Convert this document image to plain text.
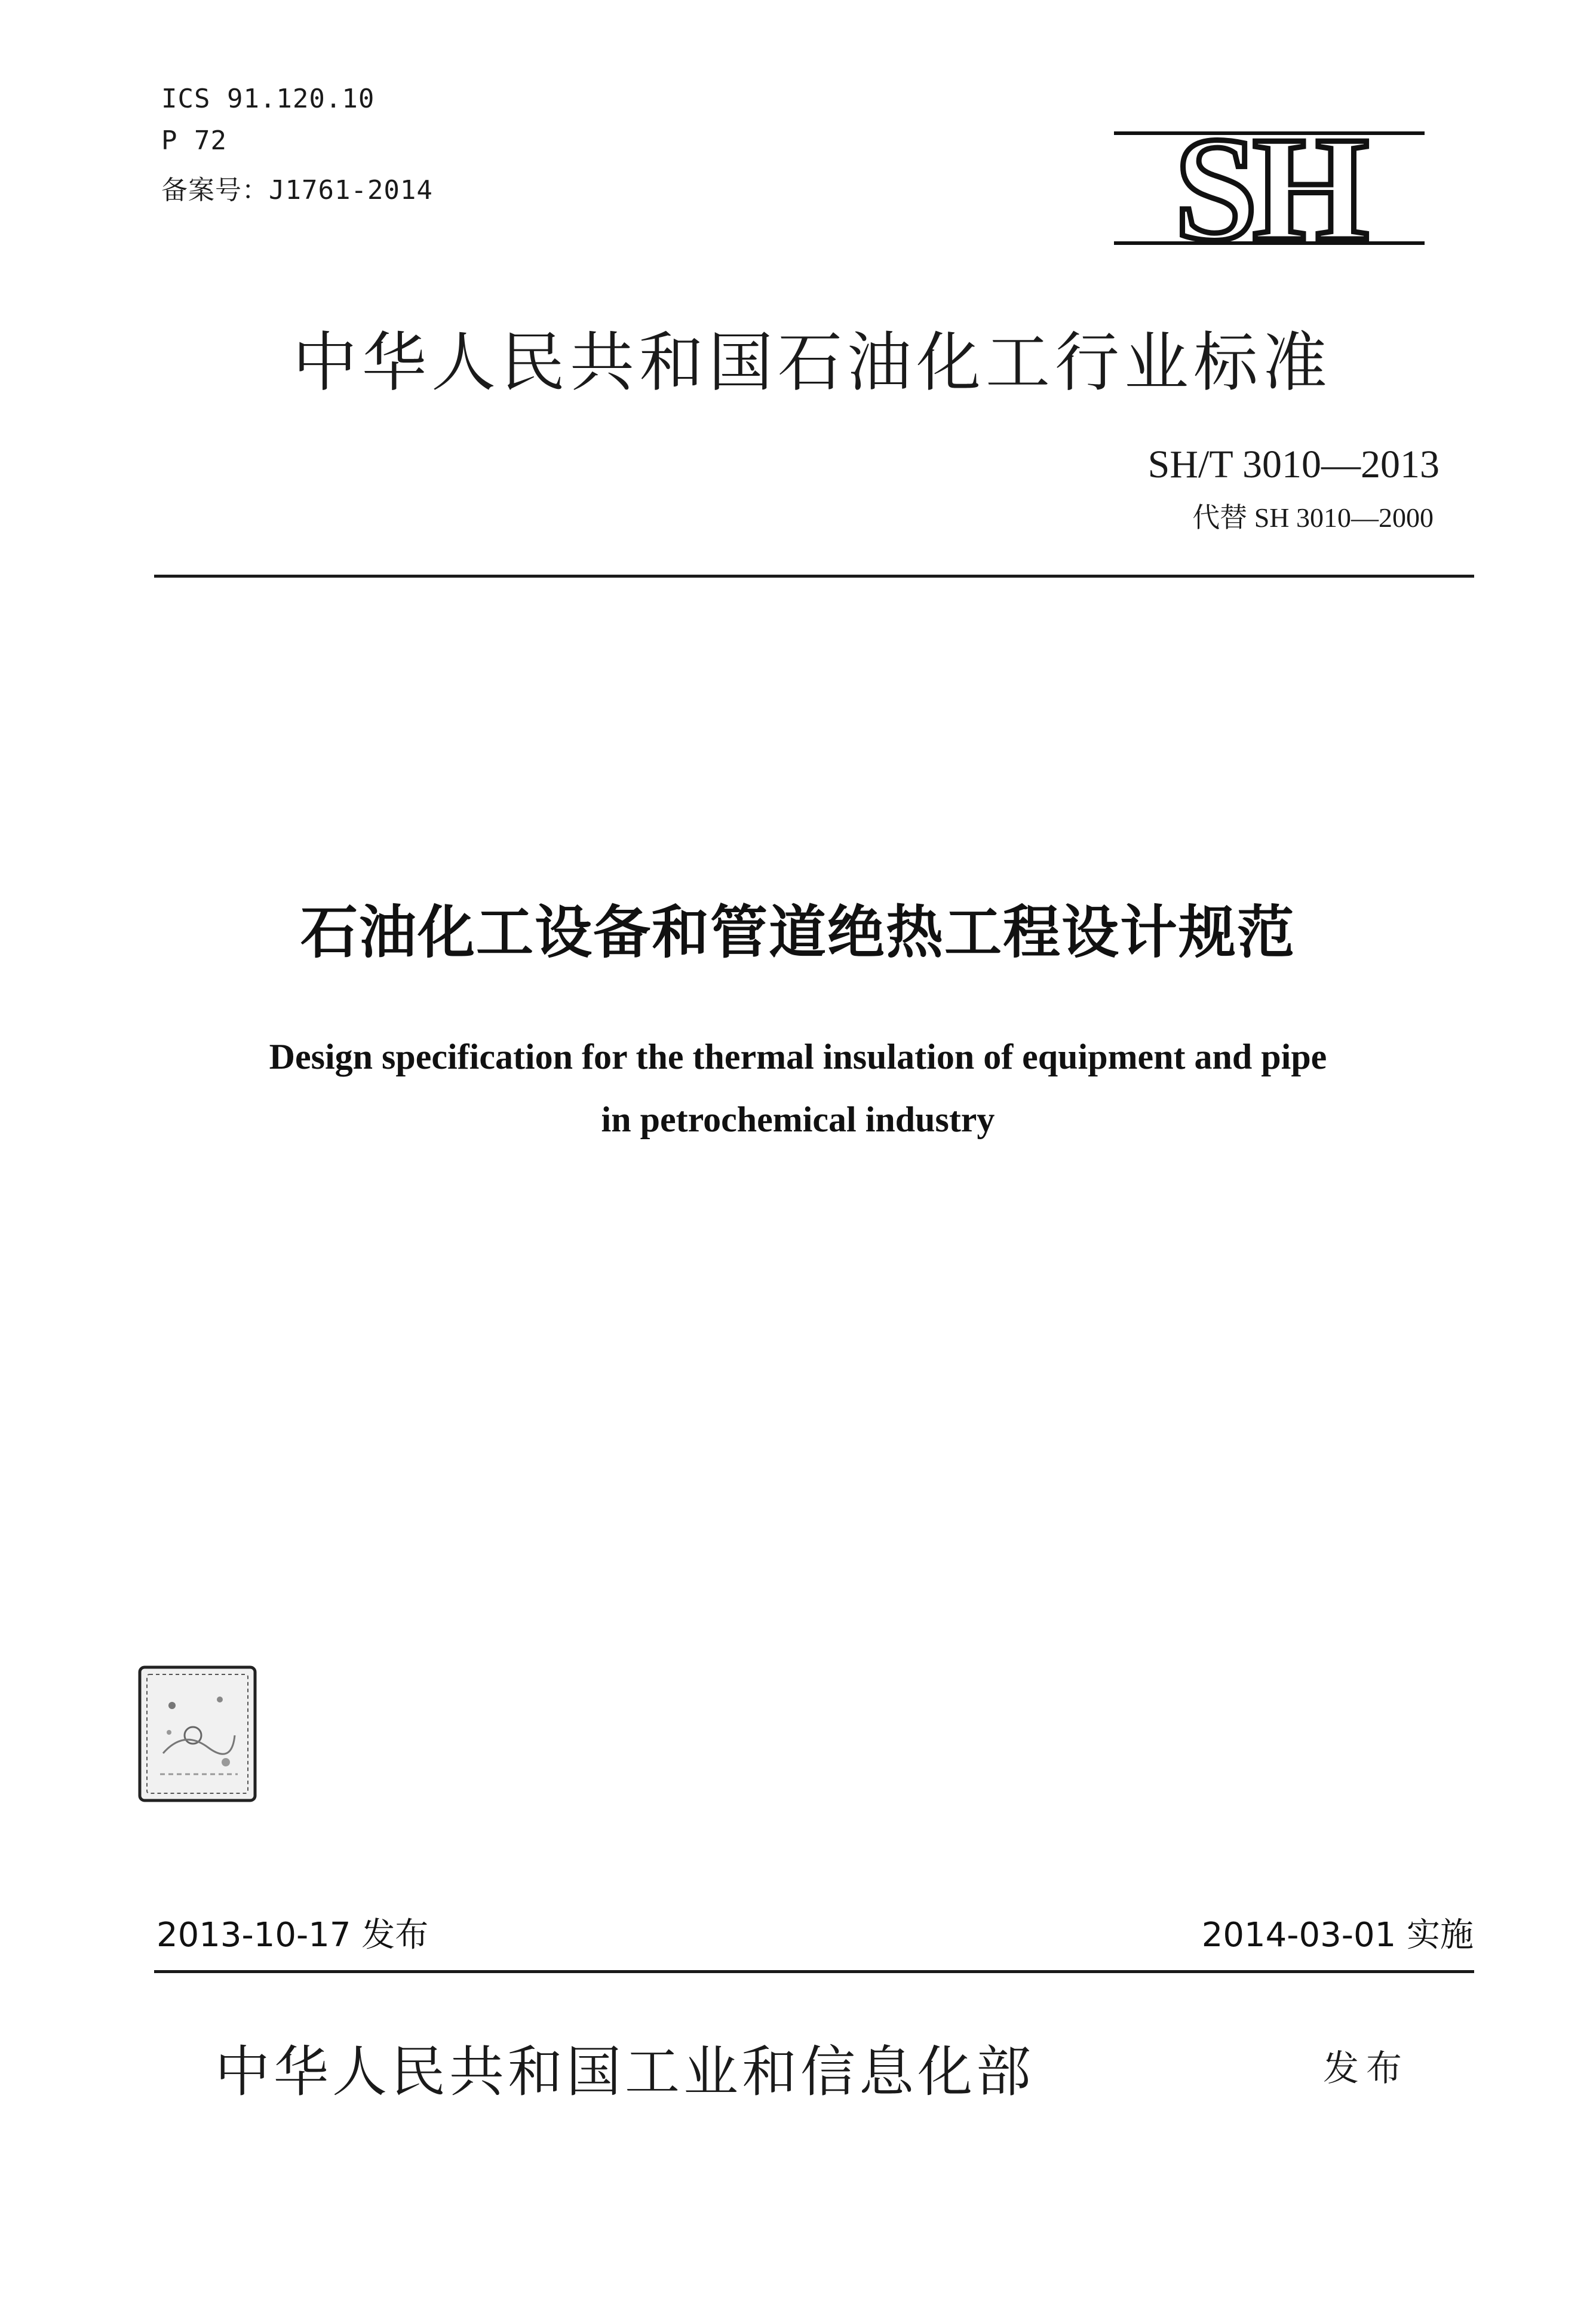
ICS 91.120.10
P 72
备案号：J1761-2014	SH
中华人民共和国石油化工行业标准
SH/T 3010—2013
代替 SH 3010—2000
石油化工设备和管道绝热工程设计规范
Design specification for the thermal insulation of equipment and pipe
in petrochemical industry
2013-10-17 发布	2014-03-01 实施
中华人民共和国工业和信息化部	发布
